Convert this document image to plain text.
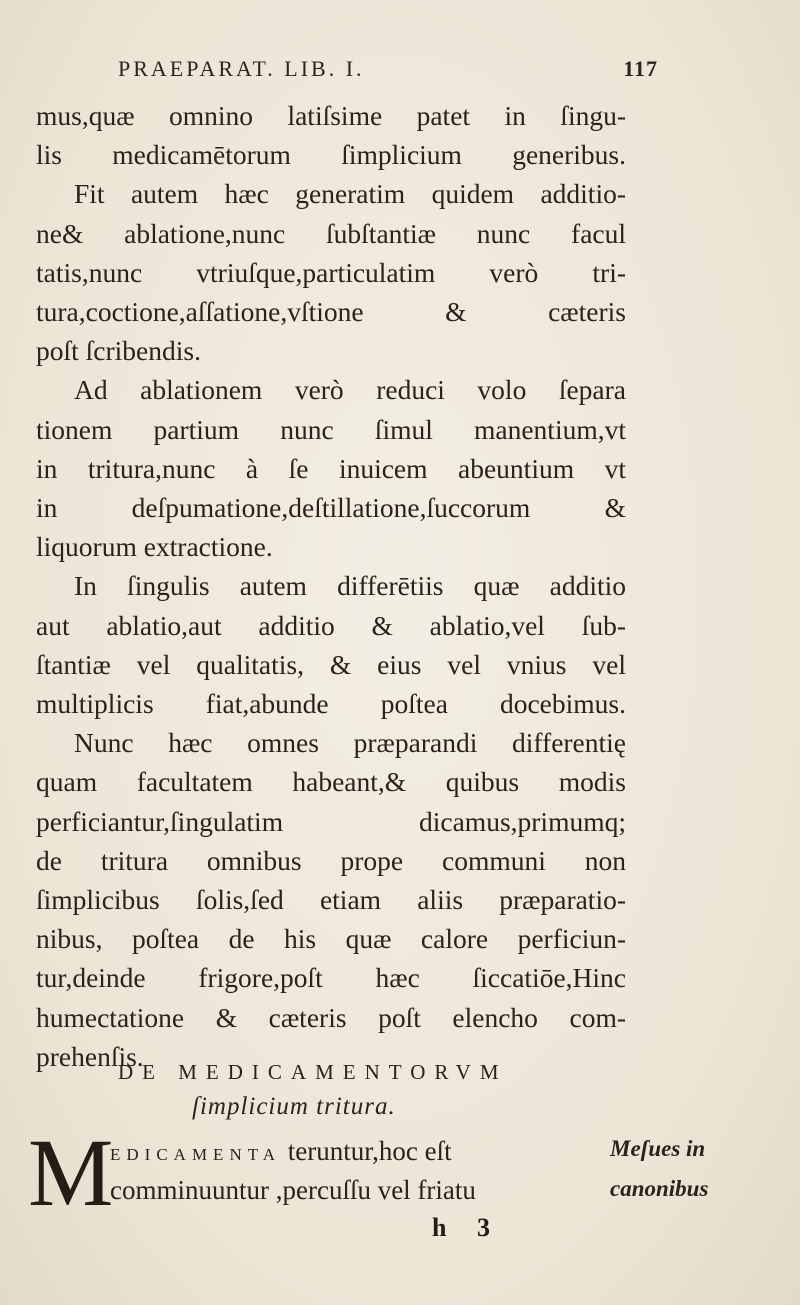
PRAEPARAT. LIB. I.	117
mus,quæ omnino latiſsime patet in ſingu-
lis medicamētorum ſimplicium generibus.
Fit autem hæc generatim quidem additio-
ne& ablatione,nunc ſubſtantiæ nunc facul
tatis,nunc vtriuſque,particulatim verò tri-
tura,coctione,aſſatione,vſtione & cæteris
poſt ſcribendis.
Ad ablationem verò reduci volo ſepara
tionem partium nunc ſimul manentium,vt
in tritura,nunc à ſe inuicem abeuntium vt
in deſpumatione,deſtillatione,ſuccorum &
liquorum extractione.
In ſingulis autem differētiis quæ additio
aut ablatio,aut additio & ablatio,vel ſub-
ſtantiæ vel qualitatis, & eius vel vnius vel
multiplicis fiat,abunde poſtea docebimus.
Nunc hæc omnes præparandi differentię
quam facultatem habeant,& quibus modis
perficiantur,ſingulatim dicamus,primumq;
de tritura omnibus prope communi non
ſimplicibus ſolis,ſed etiam aliis præparatio-
nibus, poſtea de his quæ calore perficiun-
tur,deinde frigore,poſt hæc ſiccatiōe,Hinc
humectatione & cæteris poſt elencho com-
prehenſis.
DE MEDICAMENTORVM
ſimplicium tritura.
M
EDICAMENTA teruntur,hoc eſt
comminuuntur ,percuſſu vel friatu
Meſues in
canonibus
h 3
